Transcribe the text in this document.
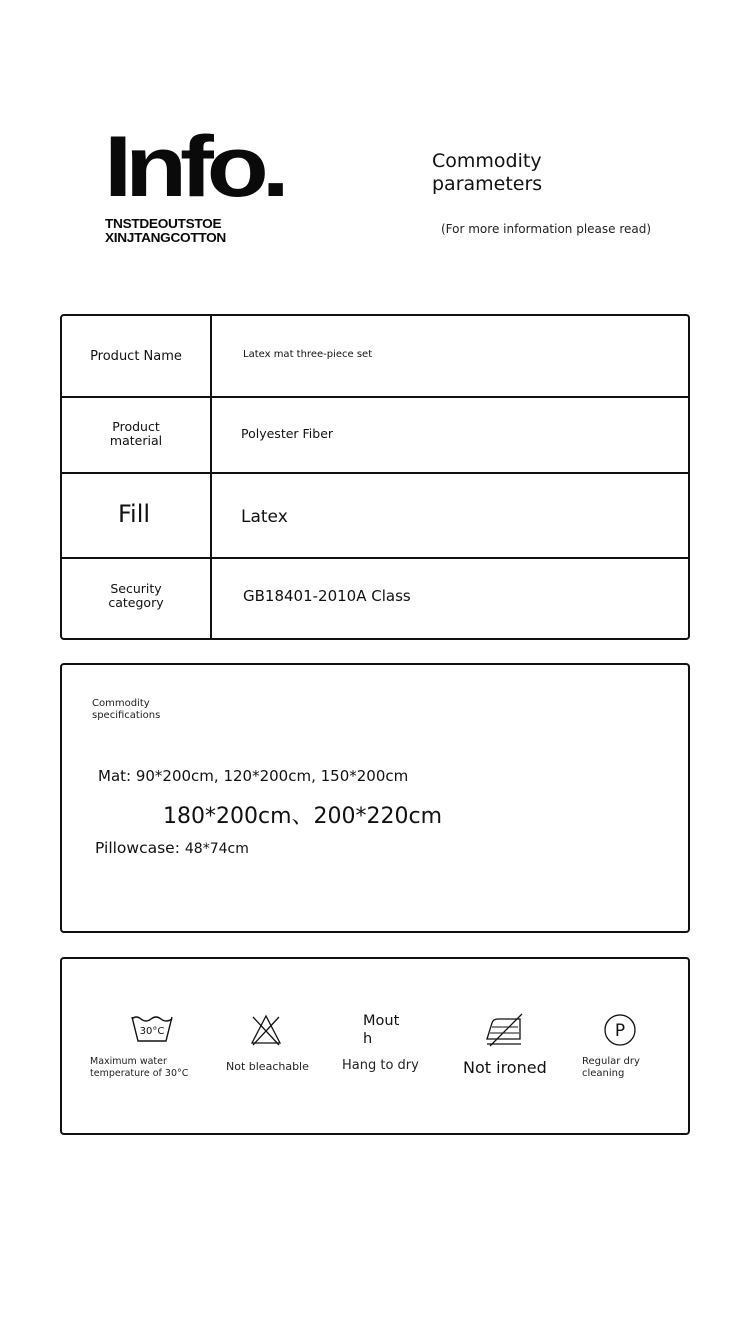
Info.
TNSTDEOUTSTOE
XINJTANGCOTTON
Commodity
parameters
(For more information please read)
Product Name	Latex mat three-piece set
Product
material	Polyester Fiber
Fill	Latex
Security
category	GB18401-2010A Class
Commodity
specifications
Mat: 90*200cm, 120*200cm, 150*200cm
180*200cm、200*220cm
Pillowcase: 48*74cm
30°C
Maximum water
temperature of 30°C
Not bleachable
Mout
h
Hang to dry	Not ironed
P
Regular dry
cleaning
